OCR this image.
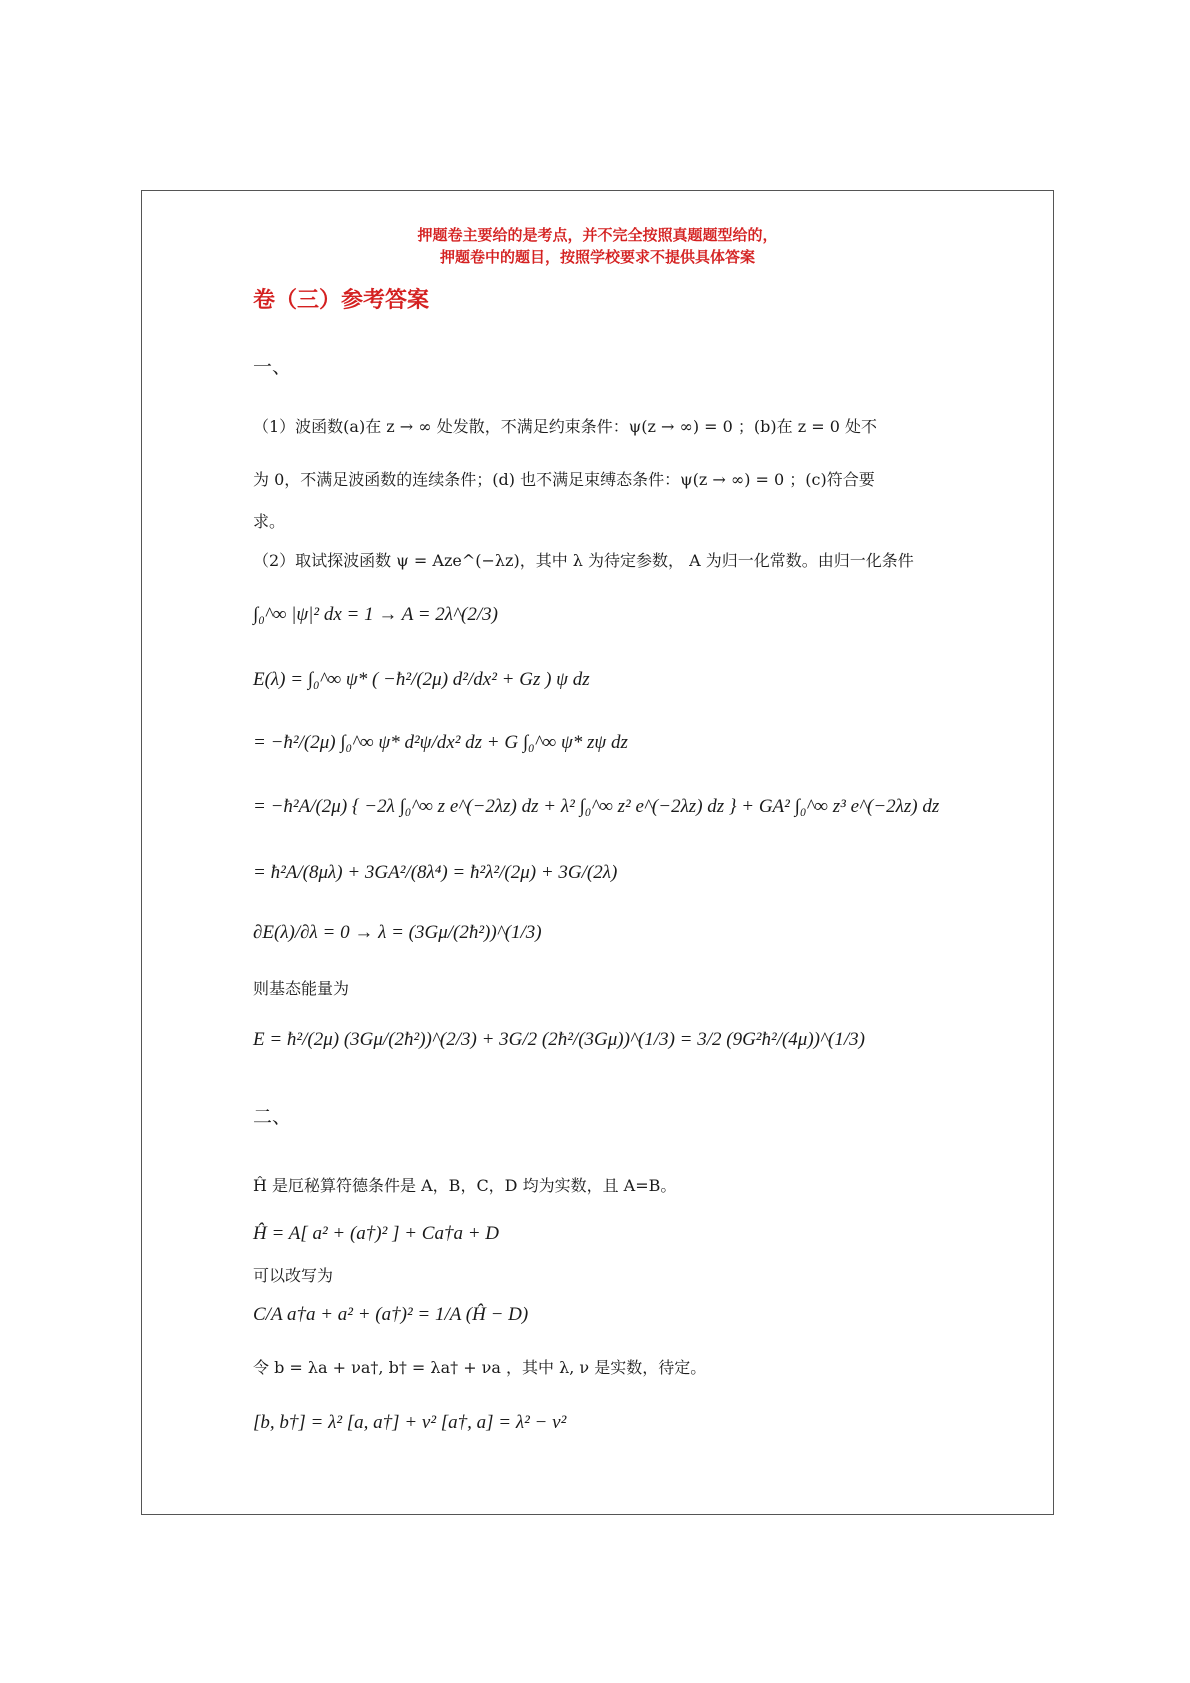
押题卷主要给的是考点，并不完全按照真题题型给的，
押题卷中的题目，按照学校要求不提供具体答案
卷（三）参考答案
一、
（1）波函数(a)在 z → ∞ 处发散，不满足约束条件：ψ(z → ∞) = 0 ；(b)在 z = 0 处不
为 0，不满足波函数的连续条件；(d) 也不满足束缚态条件：ψ(z → ∞) = 0 ；(c)符合要
求。
（2）取试探波函数 ψ = Aze^(−λz)，其中 λ 为待定参数， A 为归一化常数。由归一化条件
∫₀^∞ |ψ|² dx = 1 → A = 2λ^(2/3)
E(λ) = ∫₀^∞ ψ* ( −ħ²/(2μ) d²/dx² + Gz ) ψ dz
= −ħ²/(2μ) ∫₀^∞ ψ* d²ψ/dx² dz + G ∫₀^∞ ψ* zψ dz
= −ħ²A/(2μ) { −2λ ∫₀^∞ z e^(−2λz) dz + λ² ∫₀^∞ z² e^(−2λz) dz } + GA² ∫₀^∞ z³ e^(−2λz) dz
= ħ²A/(8μλ) + 3GA²/(8λ⁴) = ħ²λ²/(2μ) + 3G/(2λ)
∂E(λ)/∂λ = 0 → λ = (3Gμ/(2ħ²))^(1/3)
则基态能量为
E = ħ²/(2μ) (3Gμ/(2ħ²))^(2/3) + 3G/2 (2ħ²/(3Gμ))^(1/3) = 3/2 (9G²ħ²/(4μ))^(1/3)
二、
Ĥ 是厄秘算符德条件是 A，B，C，D 均为实数，且 A=B。
Ĥ = A[ a² + (a†)² ] + Ca†a + D
可以改写为
C/A a†a + a² + (a†)² = 1/A (Ĥ − D)
令 b = λa + νa†, b† = λa† + νa ，其中 λ, ν 是实数，待定。
[b, b†] = λ² [a, a†] + ν² [a†, a] = λ² − ν²
